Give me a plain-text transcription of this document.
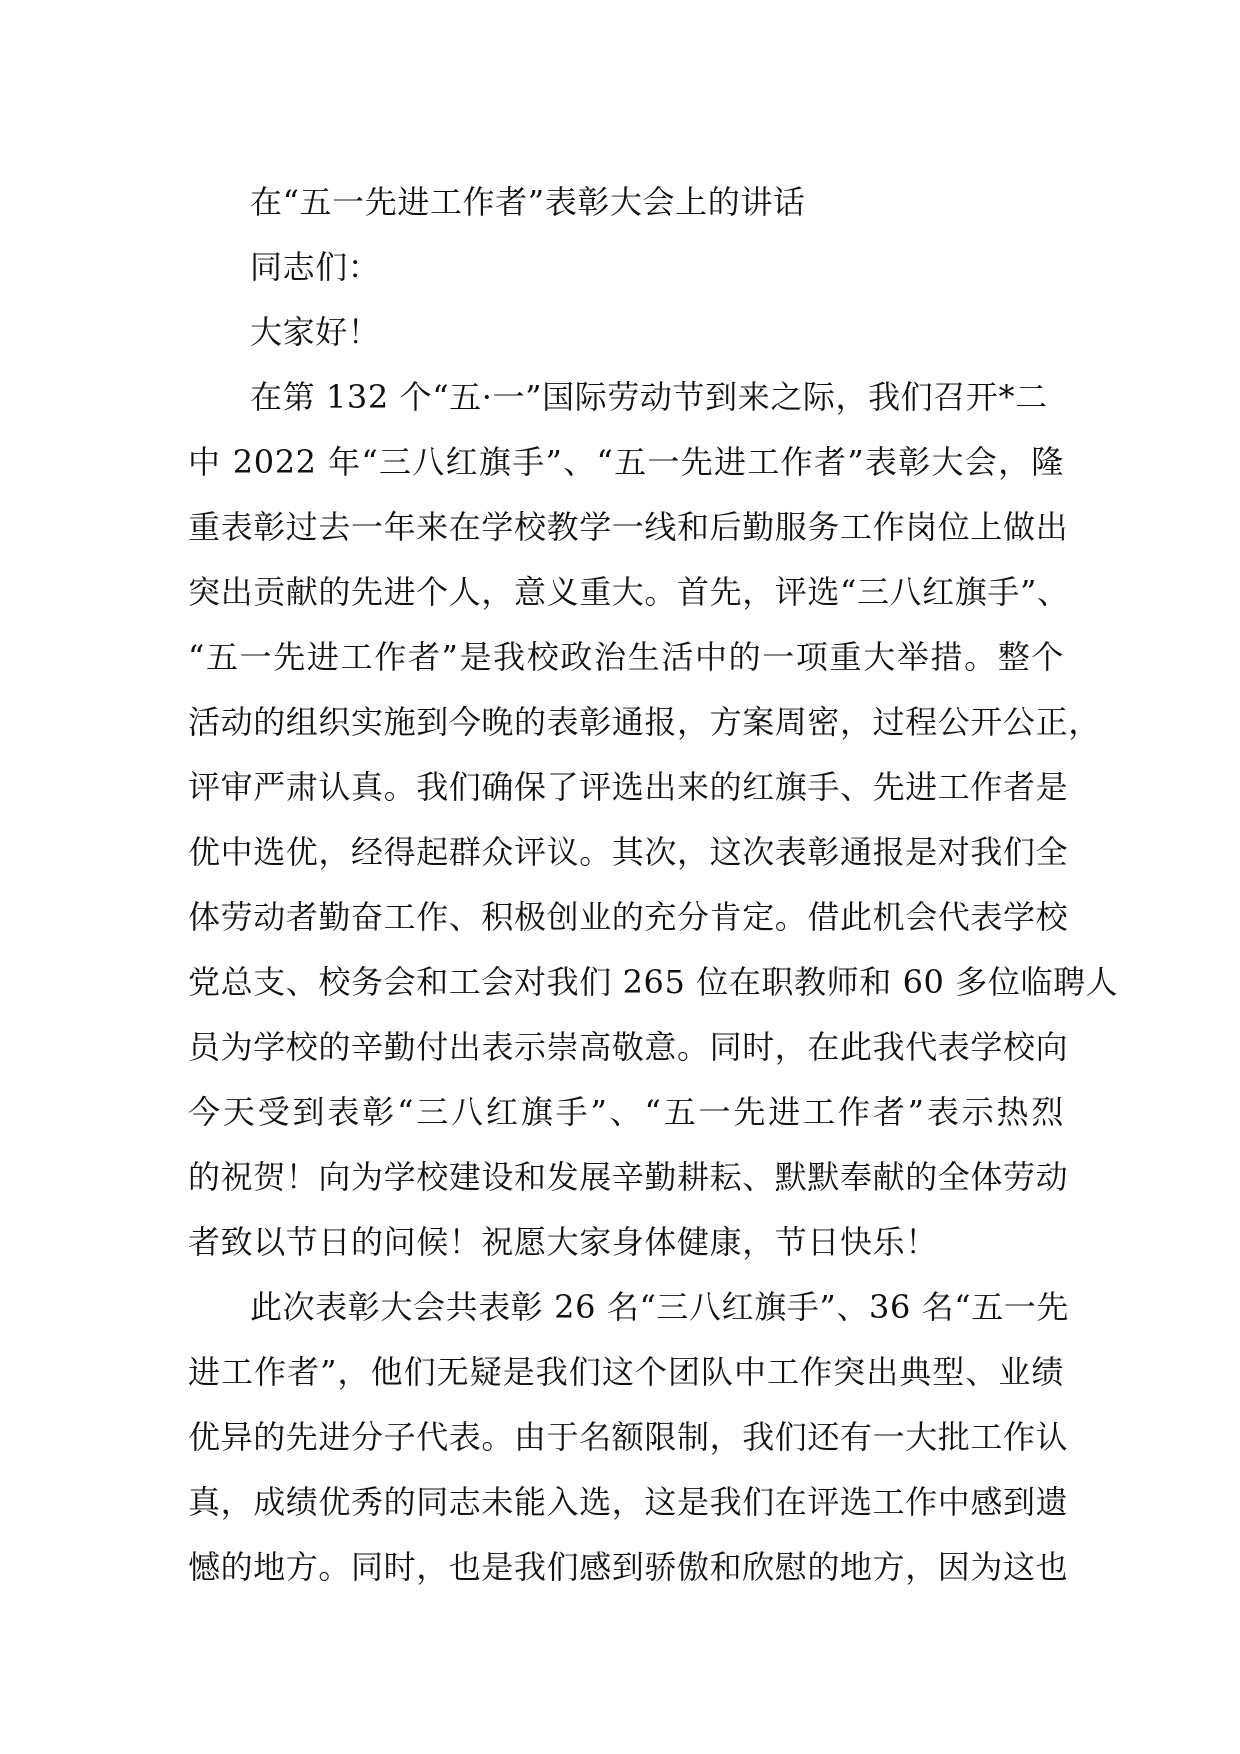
在“五一先进工作者”表彰大会上的讲话
同志们：
大家好！
在第 132 个“五·一”国际劳动节到来之际，我们召开*二
中 2022 年“三八红旗手”、“五一先进工作者”表彰大会，隆
重表彰过去一年来在学校教学一线和后勤服务工作岗位上做出
突出贡献的先进个人，意义重大。首先，评选“三八红旗手”、
“五一先进工作者”是我校政治生活中的一项重大举措。整个
活动的组织实施到今晚的表彰通报，方案周密，过程公开公正，
评审严肃认真。我们确保了评选出来的红旗手、先进工作者是
优中选优，经得起群众评议。其次，这次表彰通报是对我们全
体劳动者勤奋工作、积极创业的充分肯定。借此机会代表学校
党总支、校务会和工会对我们 265 位在职教师和 60 多位临聘人
员为学校的辛勤付出表示崇高敬意。同时，在此我代表学校向
今天受到表彰“三八红旗手”、“五一先进工作者”表示热烈
的祝贺！向为学校建设和发展辛勤耕耘、默默奉献的全体劳动
者致以节日的问候！祝愿大家身体健康，节日快乐！
此次表彰大会共表彰 26 名“三八红旗手”、36 名“五一先
进工作者”，他们无疑是我们这个团队中工作突出典型、业绩
优异的先进分子代表。由于名额限制，我们还有一大批工作认
真，成绩优秀的同志未能入选，这是我们在评选工作中感到遗
憾的地方。同时，也是我们感到骄傲和欣慰的地方，因为这也
